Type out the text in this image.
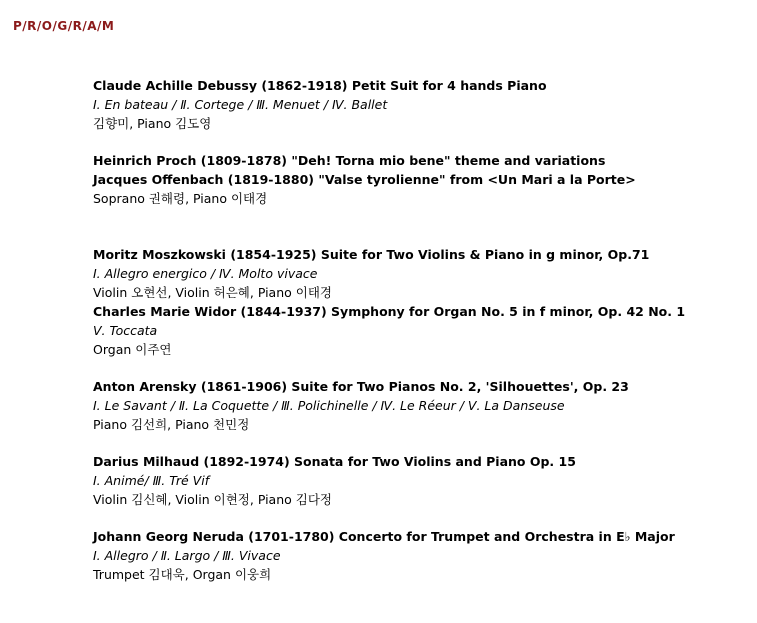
P/R/O/G/R/A/M
Claude Achille Debussy (1862-1918) Petit Suit for 4 hands Piano
Ⅰ. En bateau / Ⅱ. Cortege / Ⅲ. Menuet / Ⅳ. Ballet
김향미, Piano 김도영
Heinrich Proch (1809-1878) "Deh! Torna mio bene" theme and variations
Jacques Offenbach (1819-1880) "Valse tyrolienne" from <Un Mari a la Porte>
Soprano 권해령, Piano 이태경
Moritz Moszkowski (1854-1925) Suite for Two Violins & Piano in g minor, Op.71
Ⅰ. Allegro energico / Ⅳ. Molto vivace
Violin 오현선, Violin 허은혜, Piano 이태경
Charles Marie Widor (1844-1937) Symphony for Organ No. 5 in f minor, Op. 42 No. 1
Ⅴ. Toccata
Organ 이주연
Anton Arensky (1861-1906) Suite for Two Pianos No. 2, 'Silhouettes', Op. 23
Ⅰ. Le Savant / Ⅱ. La Coquette / Ⅲ. Polichinelle / Ⅳ. Le Réeur / Ⅴ. La Danseuse
Piano 김선희, Piano 천민정
Darius Milhaud (1892-1974) Sonata for Two Violins and Piano Op. 15
Ⅰ. Animé/ Ⅲ. Tré Vif
Violin 김신혜, Violin 이현정, Piano 김다정
Johann Georg Neruda (1701-1780) Concerto for Trumpet and Orchestra in E♭ Major
Ⅰ. Allegro / Ⅱ. Largo / Ⅲ. Vivace
Trumpet 김대욱, Organ 이웅희
